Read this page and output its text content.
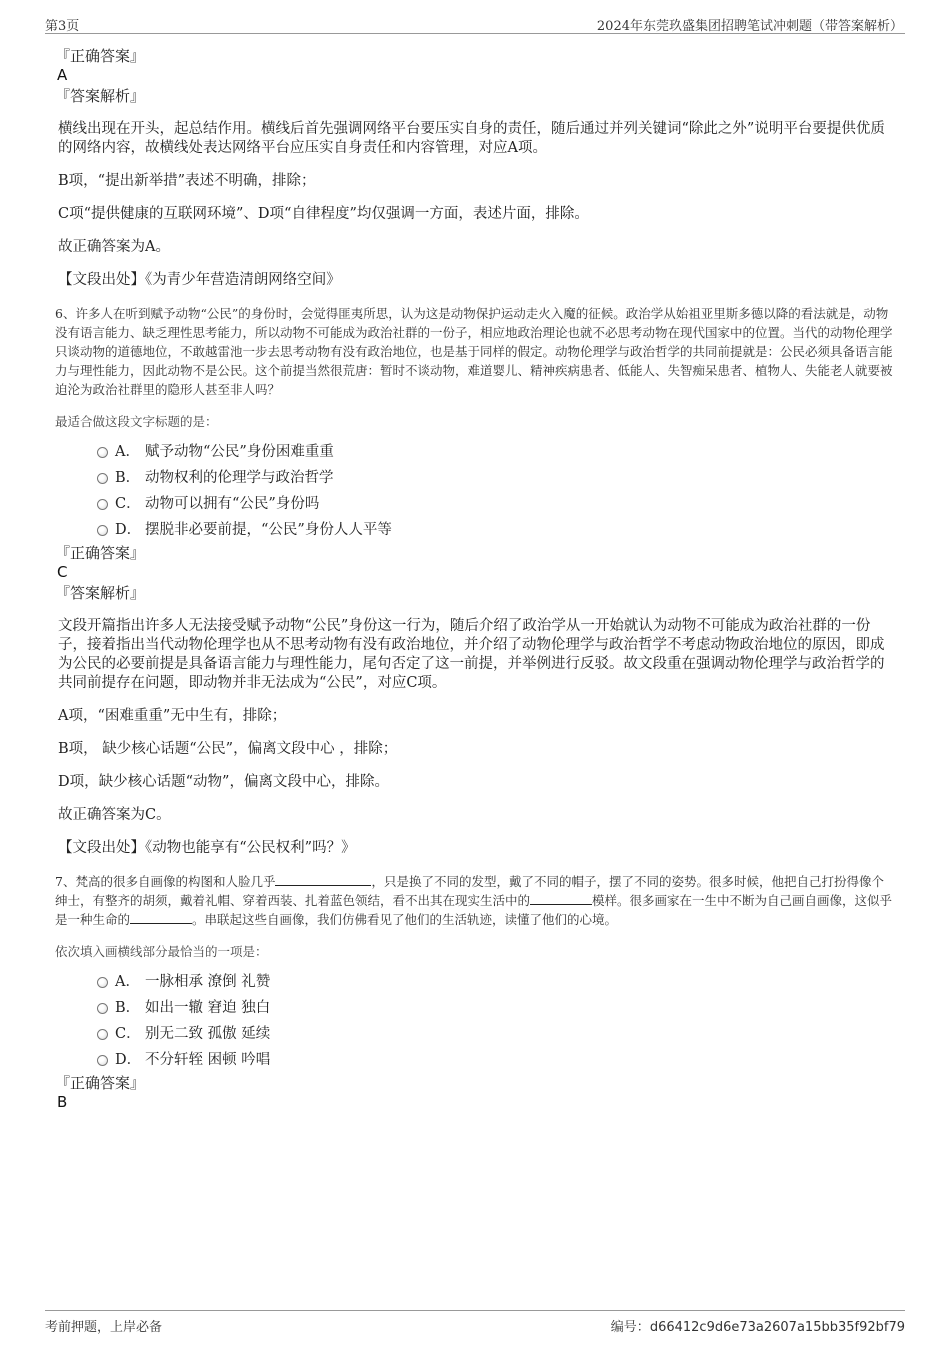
第3页	2024年东莞玖盛集团招聘笔试冲刺题（带答案解析）
『正确答案』
A
『答案解析』
横线出现在开头，起总结作用。横线后首先强调网络平台要压实自身的责任，随后通过并列关键词“除此之外”说明平台要提供优质的网络内容，故横线处表达网络平台应压实自身责任和内容管理，对应A项。
B项，“提出新举措”表述不明确，排除；
C项“提供健康的互联网环境”、D项“自律程度”均仅强调一方面，表述片面，排除。
故正确答案为A。
【文段出处】《为青少年营造清朗网络空间》
6、许多人在听到赋予动物“公民”的身份时，会觉得匪夷所思，认为这是动物保护运动走火入魔的征候。政治学从始祖亚里斯多德以降的看法就是，动物没有语言能力、缺乏理性思考能力，所以动物不可能成为政治社群的一份子，相应地政治理论也就不必思考动物在现代国家中的位置。当代的动物伦理学只谈动物的道德地位，不敢越雷池一步去思考动物有没有政治地位，也是基于同样的假定。动物伦理学与政治哲学的共同前提就是：公民必须具备语言能力与理性能力，因此动物不是公民。这个前提当然很荒唐：暂时不谈动物，难道婴儿、精神疾病患者、低能人、失智痴呆患者、植物人、失能老人就要被迫沦为政治社群里的隐形人甚至非人吗？
最适合做这段文字标题的是：
A． 赋予动物“公民”身份困难重重
B． 动物权利的伦理学与政治哲学
C． 动物可以拥有“公民”身份吗
D． 摆脱非必要前提，“公民”身份人人平等
『正确答案』
C
『答案解析』
文段开篇指出许多人无法接受赋予动物“公民”身份这一行为，随后介绍了政治学从一开始就认为动物不可能成为政治社群的一份子，接着指出当代动物伦理学也从不思考动物有没有政治地位，并介绍了动物伦理学与政治哲学不考虑动物政治地位的原因，即成为公民的必要前提是具备语言能力与理性能力，尾句否定了这一前提，并举例进行反驳。故文段重在强调动物伦理学与政治哲学的共同前提存在问题，即动物并非无法成为“公民”，对应C项。
A项，“困难重重”无中生有，排除；
B项， 缺少核心话题“公民”，偏离文段中心 ，排除；
D项，缺少核心话题“动物”，偏离文段中心，排除。
故正确答案为C。
【文段出处】《动物也能享有“公民权利”吗？》
7、梵高的很多自画像的构图和人脸几乎	，只是换了不同的发型，戴了不同的帽子，摆了不同的姿势。很多时候，他把自己打扮得像个绅士，有整齐的胡须，戴着礼帽、穿着西装、扎着蓝色领结，看不出其在现实生活中的	模样。很多画家在一生中不断为自己画自画像，这似乎是一种生命的	。串联起这些自画像，我们仿佛看见了他们的生活轨迹，读懂了他们的心境。
依次填入画横线部分最恰当的一项是：
A． 一脉相承 潦倒 礼赞
B． 如出一辙 窘迫 独白
C． 别无二致 孤傲 延续
D． 不分轩轾 困顿 吟唱
『正确答案』
B
考前押题，上岸必备	编号：d66412c9d6e73a2607a15bb35f92bf79
